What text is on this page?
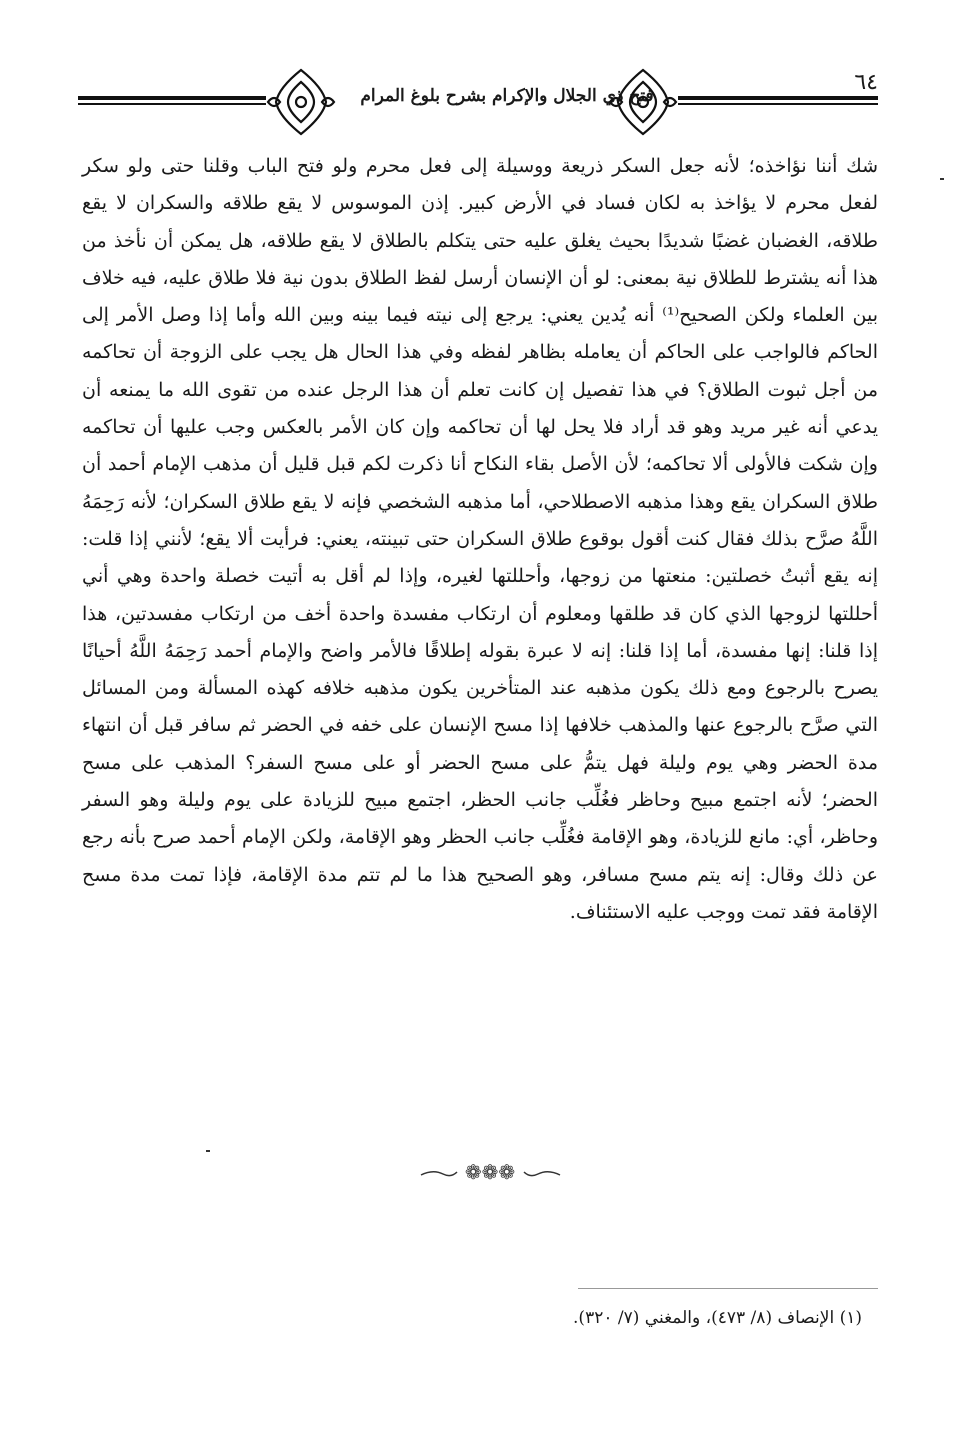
٦٤
فتح ذي الجلال والإكرام بشرح بلوغ المرام
شك أننا نؤاخذه؛ لأنه جعل السكر ذريعة ووسيلة إلى فعل محرم ولو فتح الباب وقلنا حتى ولو سكر لفعل محرم لا يؤاخذ به لكان فساد في الأرض كبير. إذن الموسوس لا يقع طلاقه والسكران لا يقع طلاقه، الغضبان غضبًا شديدًا بحيث يغلق عليه حتى يتكلم بالطلاق لا يقع طلاقه، هل يمكن أن نأخذ من هذا أنه يشترط للطلاق نية بمعنى: لو أن الإنسان أرسل لفظ الطلاق بدون نية فلا طلاق عليه، فيه خلاف بين العلماء ولكن الصحيح⁽¹⁾ أنه يُدين يعني: يرجع إلى نيته فيما بينه وبين الله وأما إذا وصل الأمر إلى الحاكم فالواجب على الحاكم أن يعامله بظاهر لفظه وفي هذا الحال هل يجب على الزوجة أن تحاكمه من أجل ثبوت الطلاق؟ في هذا تفصيل إن كانت تعلم أن هذا الرجل عنده من تقوى الله ما يمنعه أن يدعي أنه غير مريد وهو قد أراد فلا يحل لها أن تحاكمه وإن كان الأمر بالعكس وجب عليها أن تحاكمه وإن شكت فالأولى ألا تحاكمه؛ لأن الأصل بقاء النكاح أنا ذكرت لكم قبل قليل أن مذهب الإمام أحمد أن طلاق السكران يقع وهذا مذهبه الاصطلاحي، أما مذهبه الشخصي فإنه لا يقع طلاق السكران؛ لأنه رَحِمَهُ اللَّهُ صرَّح بذلك فقال كنت أقول بوقوع طلاق السكران حتى تبينته، يعني: فرأيت ألا يقع؛ لأنني إذا قلت: إنه يقع أثبتُ خصلتين: منعتها من زوجها، وأحللتها لغيره، وإذا لم أقل به أتيت خصلة واحدة وهي أني أحللتها لزوجها الذي كان قد طلقها ومعلوم أن ارتكاب مفسدة واحدة أخف من ارتكاب مفسدتين، هذا إذا قلنا: إنها مفسدة، أما إذا قلنا: إنه لا عبرة بقوله إطلاقًا فالأمر واضح والإمام أحمد رَحِمَهُ اللَّهُ أحيانًا يصرح بالرجوع ومع ذلك يكون مذهبه عند المتأخرين يكون مذهبه خلافه كهذه المسألة ومن المسائل التي صرَّح بالرجوع عنها والمذهب خلافها إذا مسح الإنسان على خفه في الحضر ثم سافر قبل أن انتهاء مدة الحضر وهي يوم وليلة فهل يتمُّ على مسح الحضر أو على مسح السفر؟ المذهب على مسح الحضر؛ لأنه اجتمع مبيح وحاظر فغُلِّب جانب الحظر، اجتمع مبيح للزيادة على يوم وليلة وهو السفر وحاظر، أي: مانع للزيادة، وهو الإقامة فغُلِّب جانب الحظر وهو الإقامة، ولكن الإمام أحمد صرح بأنه رجع عن ذلك وقال: إنه يتم مسح مسافر، وهو الصحيح هذا ما لم تتم مدة الإقامة، فإذا تمت مدة مسح الإقامة فقد تمت ووجب عليه الاستئناف.
❁❁❁
(١) الإنصاف (٨/ ٤٧٣)، والمغني (٧/ ٣٢٠).
